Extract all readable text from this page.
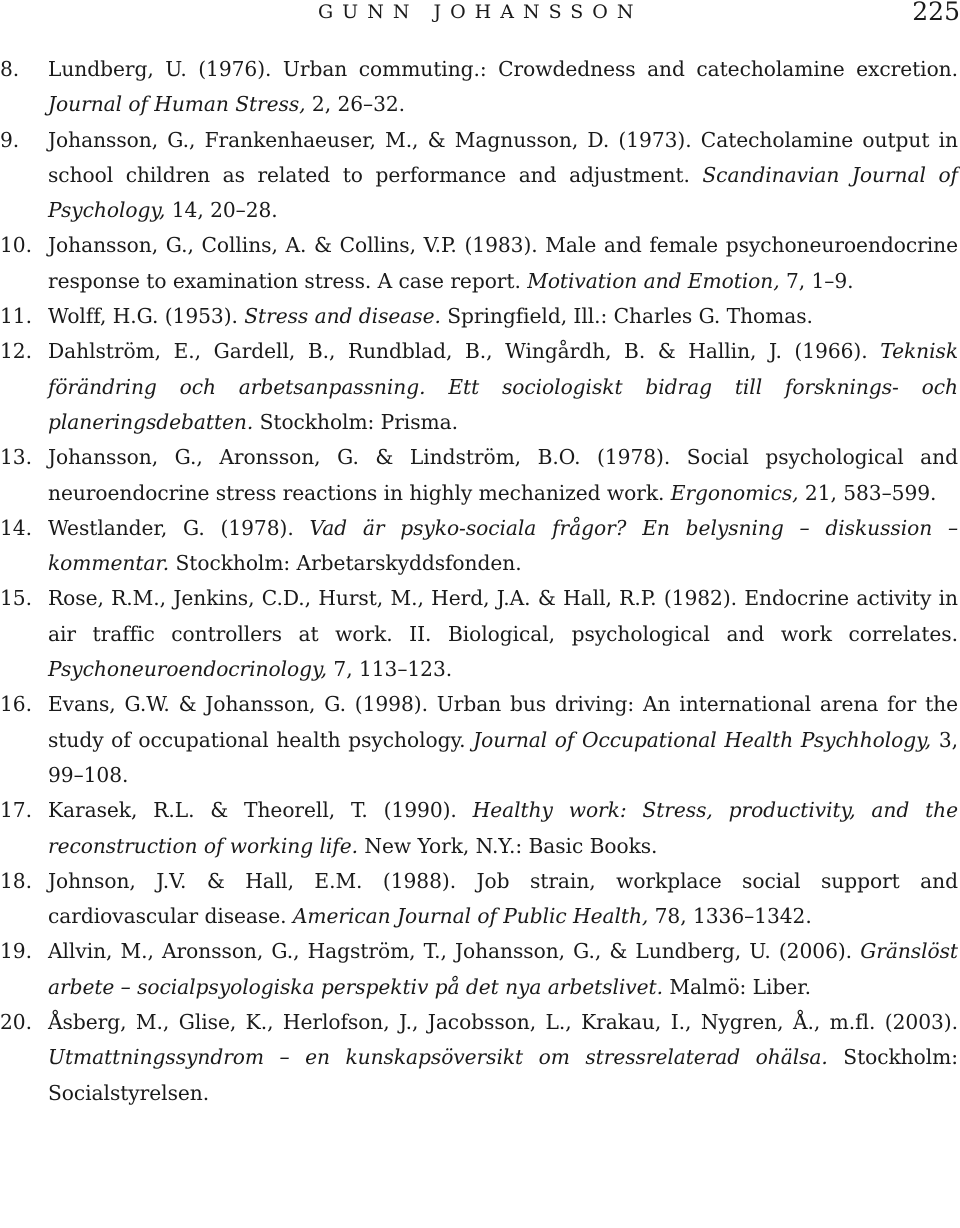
GUNN JOHANSSON	225
8.	Lundberg, U. (1976). Urban commuting.: Crowdedness and catecholamine excretion. Journal of Human Stress, 2, 26–32.
9.	Johansson, G., Frankenhaeuser, M., & Magnusson, D. (1973). Catecholamine output in school children as related to performance and adjustment. Scandinavian Journal of Psychology, 14, 20–28.
10. Johansson, G., Collins, A. & Collins, V.P. (1983). Male and female psychoneuroendocrine response to examination stress. A case report. Motivation and Emotion, 7, 1–9.
11. Wolff, H.G. (1953). Stress and disease. Springfield, Ill.: Charles G. Thomas.
12. Dahlström, E., Gardell, B., Rundblad, B., Wingårdh, B. & Hallin, J. (1966). Teknisk förändring och arbetsanpassning. Ett sociologiskt bidrag till forsknings- och planeringsdebatten. Stockholm: Prisma.
13. Johansson, G., Aronsson, G. & Lindström, B.O. (1978). Social psychological and neuroendocrine stress reactions in highly mechanized work. Ergonomics, 21, 583–599.
14. Westlander, G. (1978). Vad är psyko-sociala frågor? En belysning – diskussion – kommentar. Stockholm: Arbetarskyddsfonden.
15. Rose, R.M., Jenkins, C.D., Hurst, M., Herd, J.A. & Hall, R.P. (1982). Endocrine activity in air traffic controllers at work. II. Biological, psychological and work correlates. Psychoneuroendocrinology, 7, 113–123.
16. Evans, G.W. & Johansson, G. (1998). Urban bus driving: An international arena for the study of occupational health psychology. Journal of Occupational Health Psychhology, 3, 99–108.
17. Karasek, R.L. & Theorell, T. (1990). Healthy work: Stress, productivity, and the reconstruction of working life. New York, N.Y.: Basic Books.
18. Johnson, J.V. & Hall, E.M. (1988). Job strain, workplace social support and cardiovascular disease. American Journal of Public Health, 78, 1336–1342.
19. Allvin, M., Aronsson, G., Hagström, T., Johansson, G., & Lundberg, U. (2006). Gränslöst arbete – socialpsyologiska perspektiv på det nya arbetslivet. Malmö: Liber.
20. Åsberg, M., Glise, K., Herlofson, J., Jacobsson, L., Krakau, I., Nygren, Å., m.fl. (2003). Utmattningssyndrom – en kunskapsöversikt om stressrelaterad ohälsa. Stockholm: Socialstyrelsen.
